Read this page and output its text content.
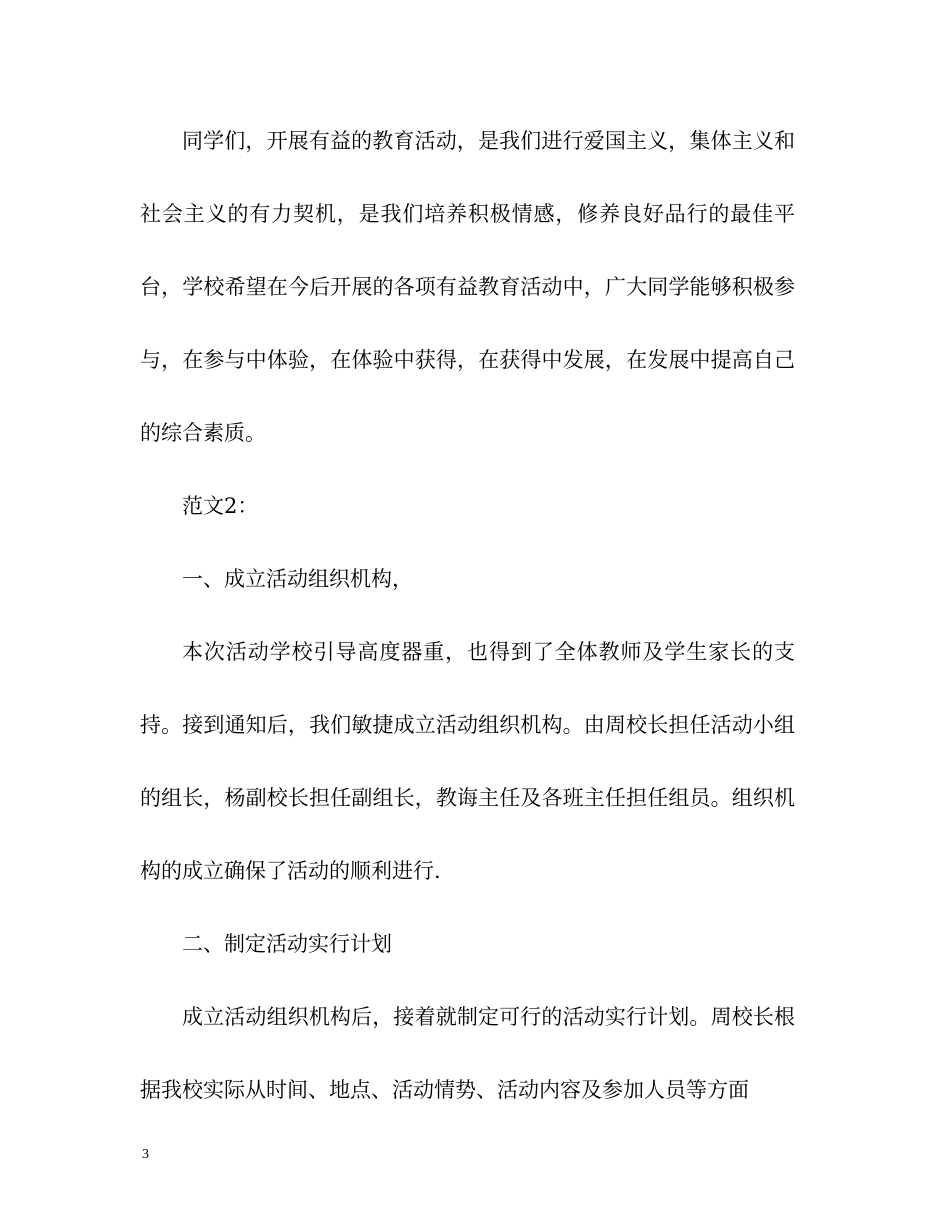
同学们，开展有益的教育活动，是我们进行爱国主义，集体主义和社会主义的有力契机，是我们培养积极情感，修养良好品行的最佳平台，学校希望在今后开展的各项有益教育活动中，广大同学能够积极参与，在参与中体验，在体验中获得，在获得中发展，在发展中提高自己的综合素质。

范文2：

一、成立活动组织机构，

本次活动学校引导高度器重，也得到了全体教师及学生家长的支持。接到通知后，我们敏捷成立活动组织机构。由周校长担任活动小组的组长，杨副校长担任副组长，教诲主任及各班主任担任组员。组织机构的成立确保了活动的顺利进行.

二、制定活动实行计划

成立活动组织机构后，接着就制定可行的活动实行计划。周校长根据我校实际从时间、地点、活动情势、活动内容及参加人员等方面

3
